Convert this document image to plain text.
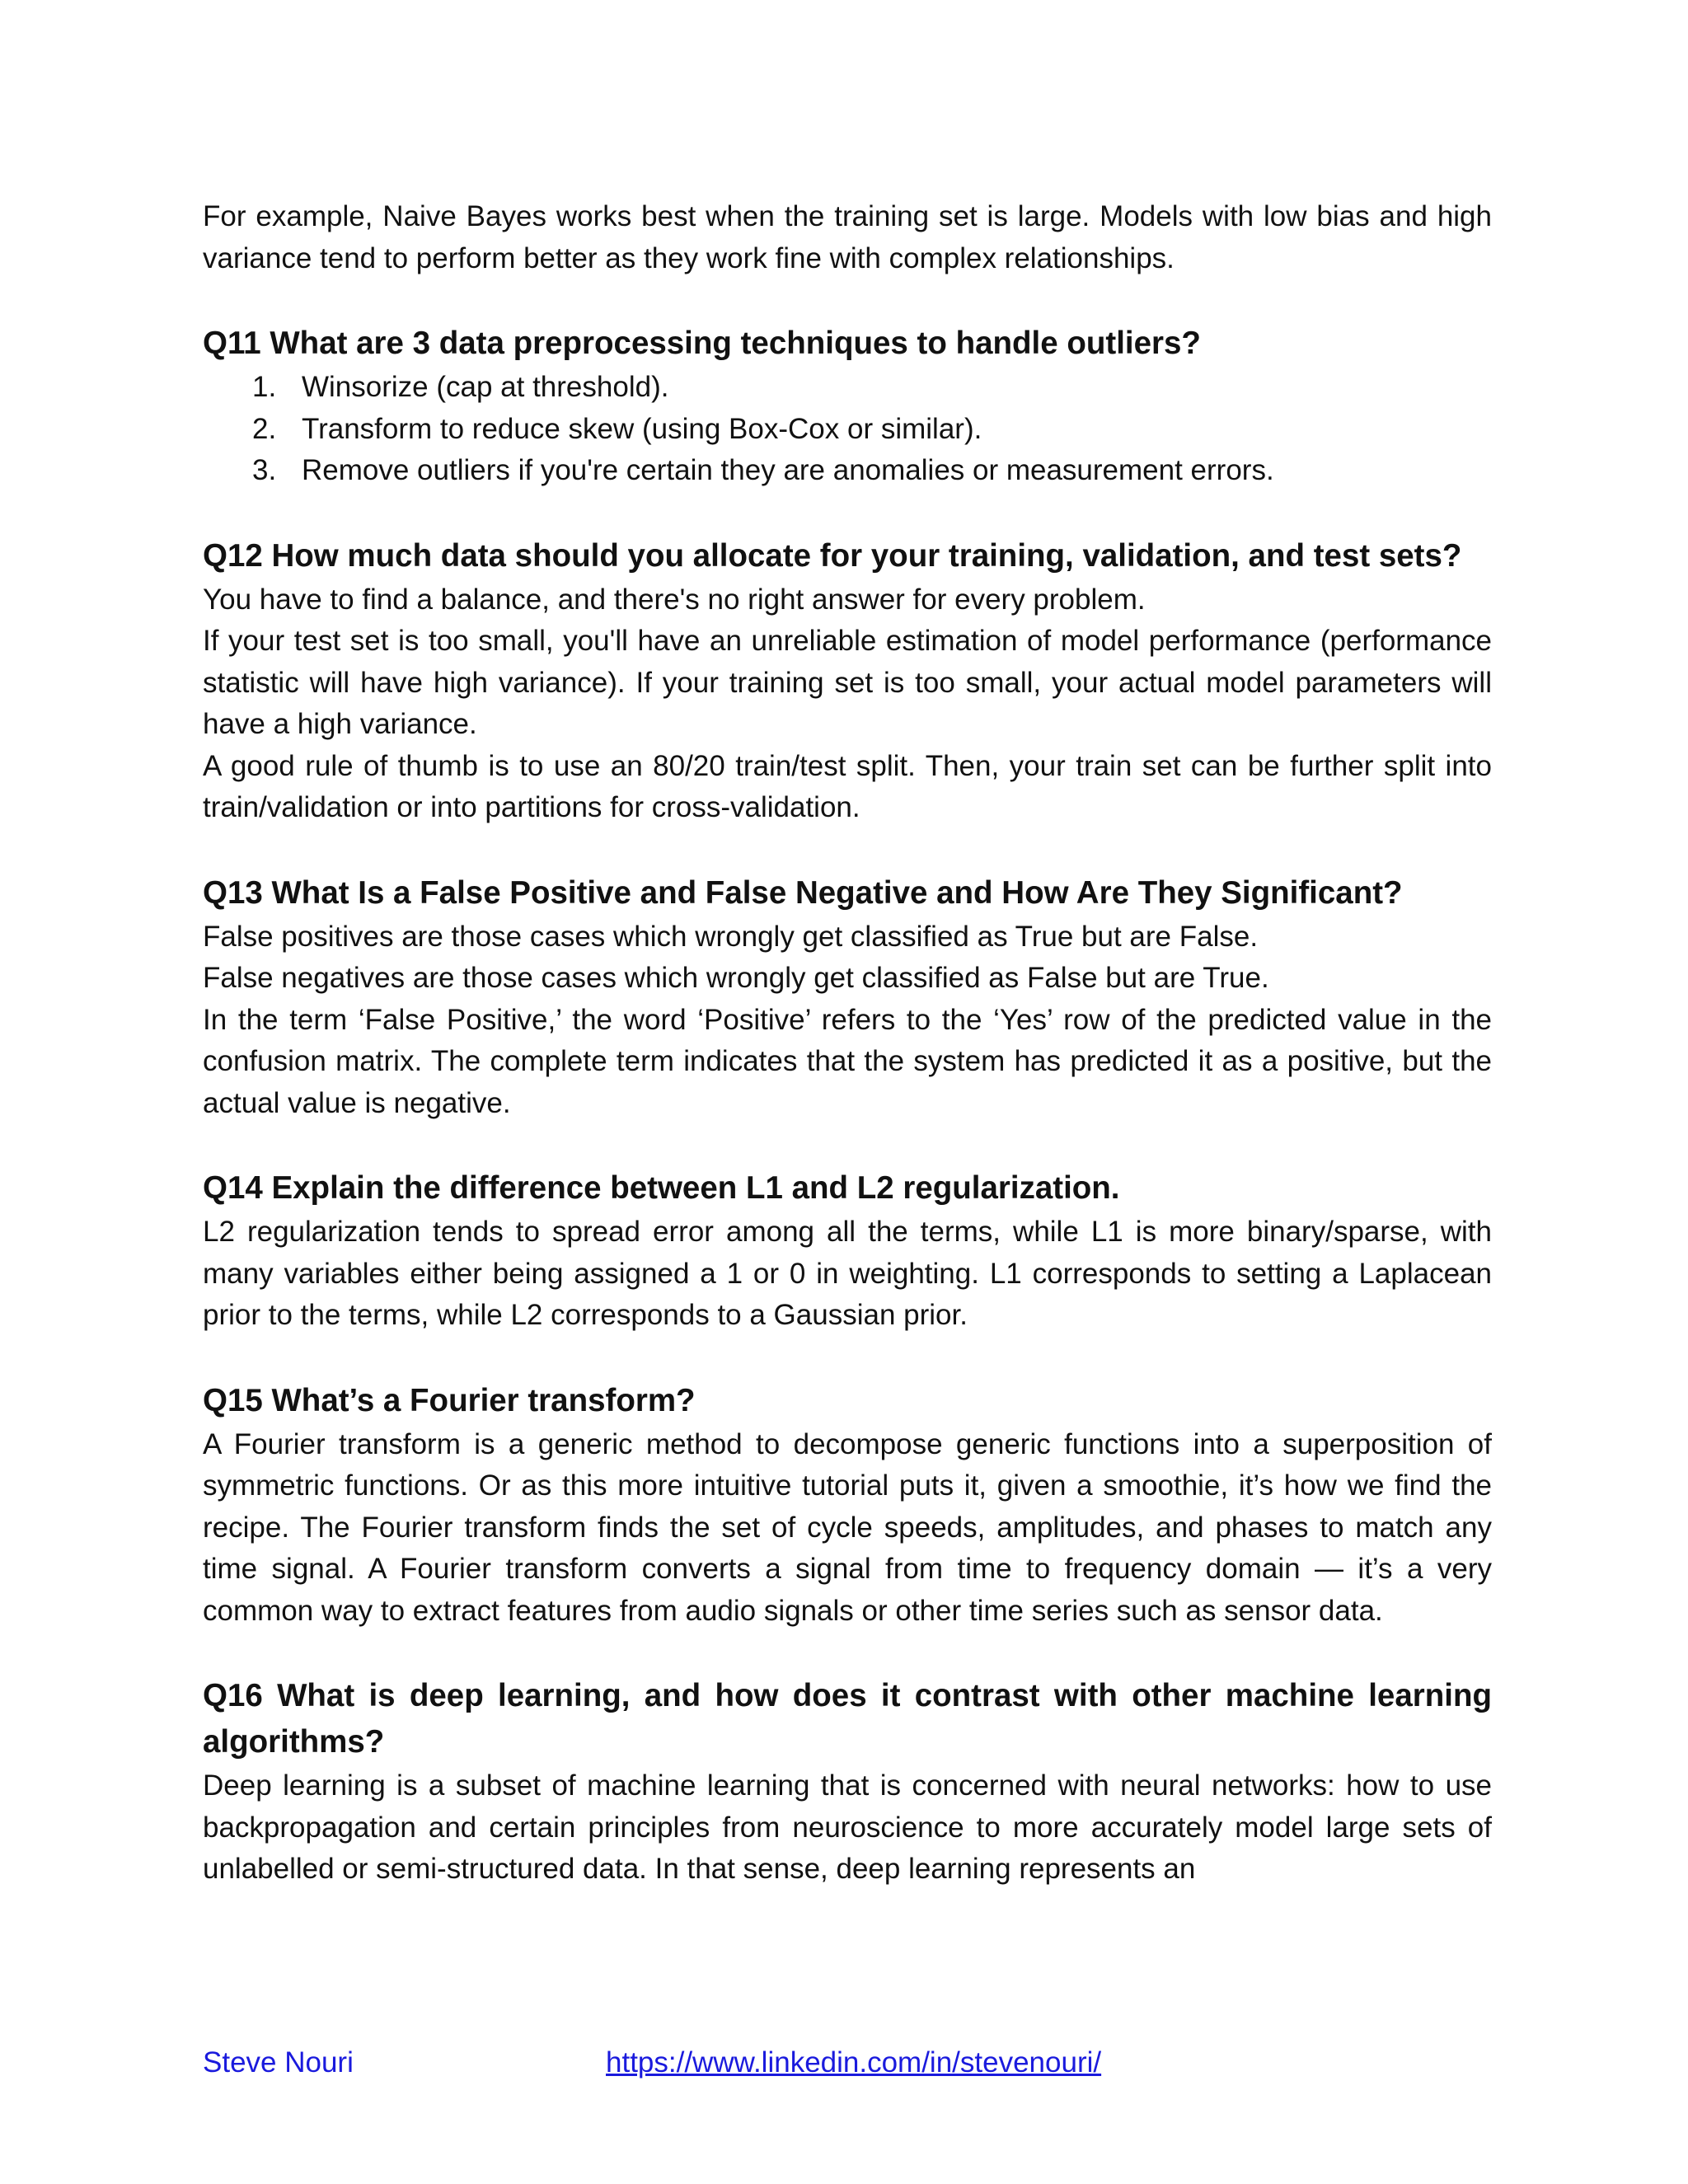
For example, Naive Bayes works best when the training set is large. Models with low bias and high variance tend to perform better as they work fine with complex relationships.

Q11 What are 3 data preprocessing techniques to handle outliers?
1. Winsorize (cap at threshold).
2. Transform to reduce skew (using Box-Cox or similar).
3. Remove outliers if you're certain they are anomalies or measurement errors.
Q12 How much data should you allocate for your training, validation, and test sets?

You have to find a balance, and there's no right answer for every problem.

If your test set is too small, you'll have an unreliable estimation of model performance (performance statistic will have high variance). If your training set is too small, your actual model parameters will have a high variance.

A good rule of thumb is to use an 80/20 train/test split. Then, your train set can be further split into train/validation or into partitions for cross-validation.

Q13 What Is a False Positive and False Negative and How Are They Significant?

False positives are those cases which wrongly get classified as True but are False.

False negatives are those cases which wrongly get classified as False but are True.

In the term ‘False Positive,’ the word ‘Positive’ refers to the ‘Yes’ row of the predicted value in the confusion matrix. The complete term indicates that the system has predicted it as a positive, but the actual value is negative.

Q14 Explain the difference between L1 and L2 regularization.

L2 regularization tends to spread error among all the terms, while L1 is more binary/sparse, with many variables either being assigned a 1 or 0 in weighting. L1 corresponds to setting a Laplacean prior to the terms, while L2 corresponds to a Gaussian prior.

Q15 What’s a Fourier transform?

A Fourier transform is a generic method to decompose generic functions into a superposition of symmetric functions. Or as this more intuitive tutorial puts it, given a smoothie, it’s how we find the recipe. The Fourier transform finds the set of cycle speeds, amplitudes, and phases to match any time signal. A Fourier transform converts a signal from time to frequency domain — it’s a very common way to extract features from audio signals or other time series such as sensor data.

Q16 What is deep learning, and how does it contrast with other machine learning algorithms?

Deep learning is a subset of machine learning that is concerned with neural networks: how to use backpropagation and certain principles from neuroscience to more accurately model large sets of unlabelled or semi-structured data. In that sense, deep learning represents an

Steve Nouri	https://www.linkedin.com/in/stevenouri/
